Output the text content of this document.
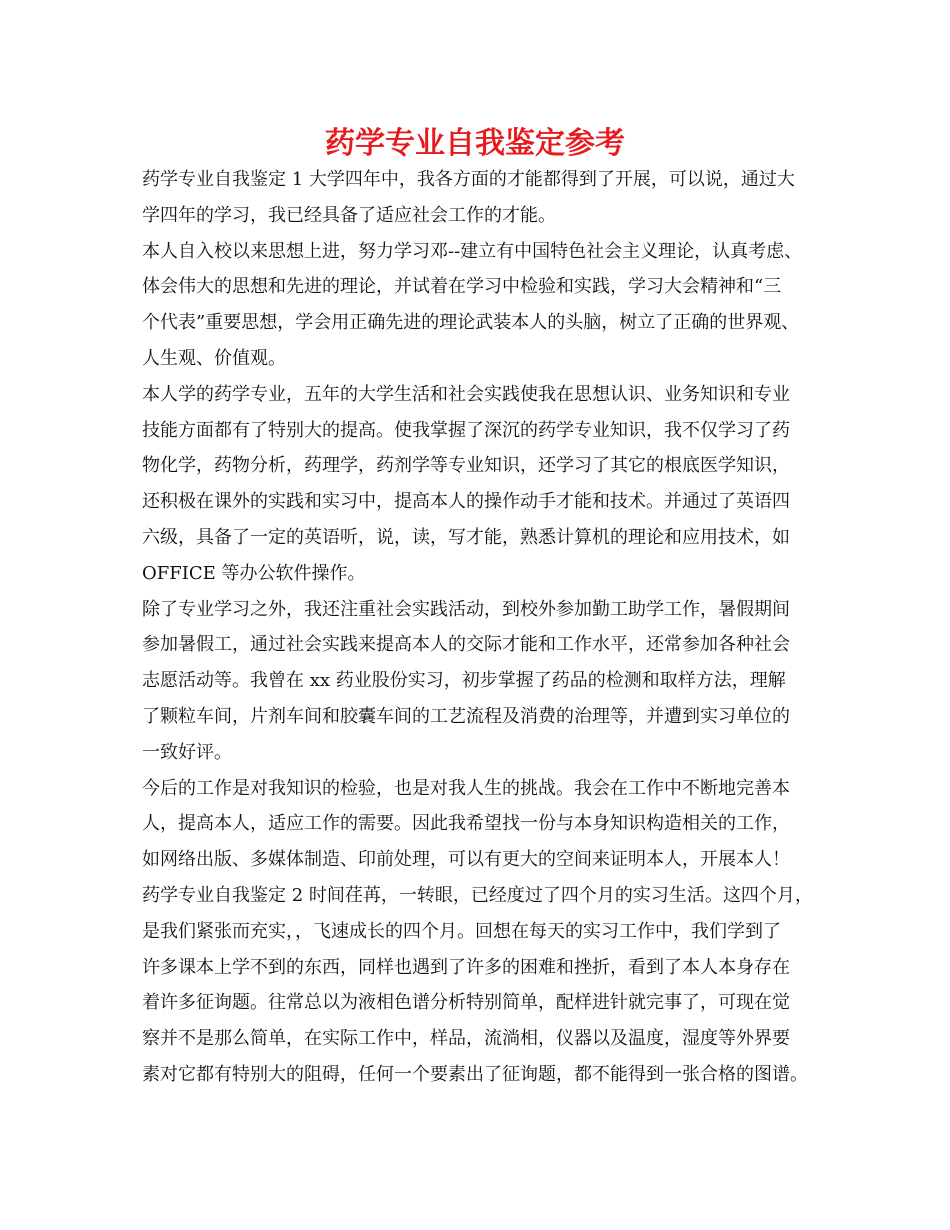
药学专业自我鉴定参考
药学专业自我鉴定 1 大学四年中，我各方面的才能都得到了开展，可以说，通过大
学四年的学习，我已经具备了适应社会工作的才能。
本人自入校以来思想上进，努力学习邓--建立有中国特色社会主义理论，认真考虑、
体会伟大的思想和先进的理论，并试着在学习中检验和实践，学习大会精神和“三
个代表”重要思想，学会用正确先进的理论武装本人的头脑，树立了正确的世界观、
人生观、价值观。
本人学的药学专业，五年的大学生活和社会实践使我在思想认识、业务知识和专业
技能方面都有了特别大的提高。使我掌握了深沉的药学专业知识，我不仅学习了药
物化学，药物分析，药理学，药剂学等专业知识，还学习了其它的根底医学知识，
还积极在课外的实践和实习中，提高本人的操作动手才能和技术。并通过了英语四
六级，具备了一定的英语听，说，读，写才能，熟悉计算机的理论和应用技术，如
OFFICE 等办公软件操作。
除了专业学习之外，我还注重社会实践活动，到校外参加勤工助学工作，暑假期间
参加暑假工，通过社会实践来提高本人的交际才能和工作水平，还常参加各种社会
志愿活动等。我曾在 xx 药业股份实习，初步掌握了药品的检测和取样方法，理解
了颗粒车间，片剂车间和胶囊车间的工艺流程及消费的治理等，并遭到实习单位的
一致好评。
今后的工作是对我知识的检验，也是对我人生的挑战。我会在工作中不断地完善本
人，提高本人，适应工作的需要。因此我希望找一份与本身知识构造相关的工作，
如网络出版、多媒体制造、印前处理，可以有更大的空间来证明本人，开展本人！
药学专业自我鉴定 2 时间荏苒，一转眼，已经度过了四个月的实习生活。这四个月，
是我们紧张而充实，，飞速成长的四个月。回想在每天的实习工作中，我们学到了
许多课本上学不到的东西，同样也遇到了许多的困难和挫折，看到了本人本身存在
着许多征询题。往常总以为液相色谱分析特别简单，配样进针就完事了，可现在觉
察并不是那么简单，在实际工作中，样品，流淌相，仪器以及温度，湿度等外界要
素对它都有特别大的阻碍，任何一个要素出了征询题，都不能得到一张合格的图谱。
